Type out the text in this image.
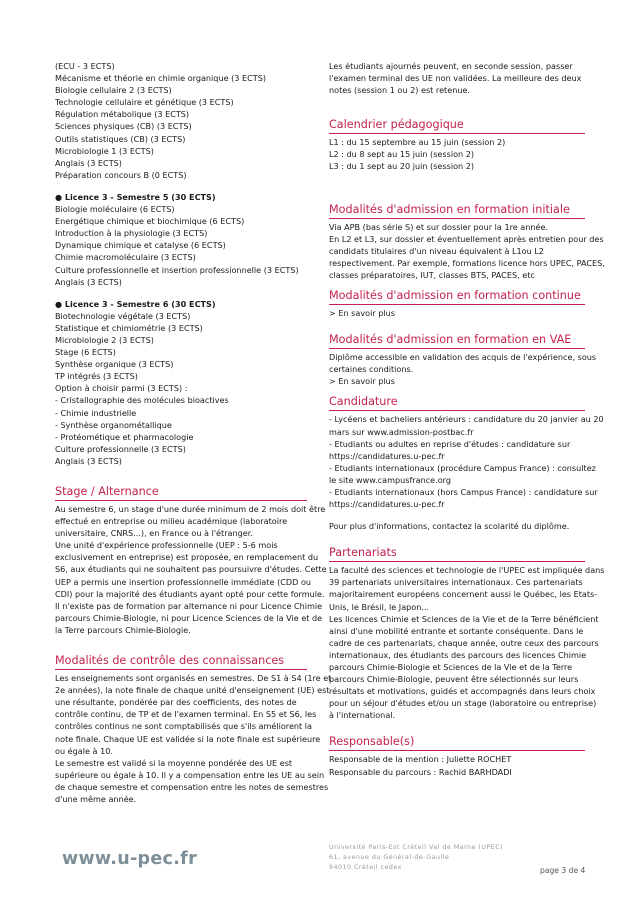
(ECU - 3 ECTS)
Mécanisme et théorie en chimie organique (3 ECTS)
Biologie cellulaire 2 (3 ECTS)
Technologie cellulaire et génétique (3 ECTS)
Régulation métabolique (3 ECTS)
Sciences physiques (CB) (3 ECTS)
Outils statistiques (CB) (3 ECTS)
Microbiologie 1 (3 ECTS)
Anglais (3 ECTS)
Préparation concours B (0 ECTS)
● Licence 3 - Semestre 5 (30 ECTS)
Biologie moléculaire (6 ECTS)
Energétique chimique et biochimique (6 ECTS)
Introduction à la physiologie (3 ECTS)
Dynamique chimique et catalyse (6 ECTS)
Chimie macromoléculaire (3 ECTS)
Culture professionnelle et insertion professionnelle (3 ECTS)
Anglais (3 ECTS)
● Licence 3 - Semestre 6 (30 ECTS)
Biotechnologie végétale (3 ECTS)
Statistique et chimiométrie (3 ECTS)
Microbiologie 2 (3 ECTS)
Stage (6 ECTS)
Synthèse organique (3 ECTS)
TP intégrés (3 ECTS)
Option à choisir parmi (3 ECTS) :
- Cristallographie des molécules bioactives
- Chimie industrielle
- Synthèse organométallique
- Protéométique et pharmacologie
Culture professionnelle (3 ECTS)
Anglais (3 ECTS)
Stage / Alternance
Au semestre 6, un stage d'une durée minimum de 2 mois doit être
effectué en entreprise ou milieu académique (laboratoire
universitaire, CNRS...), en France ou à l'étranger.
Une unité d'expérience professionnelle (UEP : 5-6 mois
exclusivement en entreprise) est proposée, en remplacement du
S6, aux étudiants qui ne souhaitent pas poursuivre d'études. Cette
UEP a permis une insertion professionnelle immédiate (CDD ou
CDI) pour la majorité des étudiants ayant opté pour cette formule.
Il n'existe pas de formation par alternance ni pour Licence Chimie
parcours Chimie-Biologie, ni pour Licence Sciences de la Vie et de
la Terre parcours Chimie-Biologie.
Modalités de contrôle des connaissances
Les enseignements sont organisés en semestres. De S1 à S4 (1re et
2e années), la note finale de chaque unité d'enseignement (UE) est
une résultante, pondérée par des coefficients, des notes de
contrôle continu, de TP et de l'examen terminal. En S5 et S6, les
contrôles continus ne sont comptabilisés que s'ils améliorent la
note finale. Chaque UE est validée si la note finale est supérieure
ou égale à 10.
Le semestre est validé si la moyenne pondérée des UE est
supérieure ou égale à 10. Il y a compensation entre les UE au sein
de chaque semestre et compensation entre les notes de semestres
d'une même année.
Les étudiants ajournés peuvent, en seconde session, passer
l'examen terminal des UE non validées. La meilleure des deux
notes (session 1 ou 2) est retenue.
Calendrier pédagogique
L1 : du 15 septembre au 15 juin (session 2)
L2 : du 8 sept au 15 juin (session 2)
L3 : du 1 sept au 20 juin (session 2)
Modalités d'admission en formation initiale
Via APB (bas série S) et sur dossier pour la 1re année.
En L2 et L3, sur dossier et éventuellement après entretien pour des
candidats titulaires d'un niveau équivalent à L1ou L2
respectivement. Par exemple, formations licence hors UPEC, PACES,
classes préparatoires, IUT, classes BTS, PACES, etc
Modalités d'admission en formation continue
> En savoir plus
Modalités d'admission en formation en VAE
Diplôme accessible en validation des acquis de l'expérience, sous
certaines conditions.
> En savoir plus
Candidature
- Lycéens et bacheliers antérieurs : candidature du 20 janvier au 20
mars sur www.admission-postbac.fr
- Etudiants ou adultes en reprise d'études : candidature sur
https://candidatures.u-pec.fr
- Etudiants internationaux (procédure Campus France) : consultez
le site www.campusfrance.org
- Etudiants internationaux (hors Campus France) : candidature sur
https://candidatures.u-pec.fr
Pour plus d'informations, contactez la scolarité du diplôme.
Partenariats
La faculté des sciences et technologie de l'UPEC est impliquée dans
39 partenariats universitaires internationaux. Ces partenariats
majoritairement européens concernent aussi le Québec, les Etats-
Unis, le Brésil, le Japon...
Les licences Chimie et Sciences de la Vie et de la Terre bénéficient
ainsi d'une mobilité entrante et sortante conséquente. Dans le
cadre de ces partenariats, chaque année, outre ceux des parcours
internationaux, des étudiants des parcours des licences Chimie
parcours Chimie-Biologie et Sciences de la Vie et de la Terre
parcours Chimie-Biologie, peuvent être sélectionnés sur leurs
résultats et motivations, guidés et accompagnés dans leurs choix
pour un séjour d'études et/ou un stage (laboratoire ou entreprise)
à l'international.
Responsable(s)
Responsable de la mention : Juliette ROCHET
Responsable du parcours : Rachid BARHDADI
www.u-pec.fr
Université Paris-Est Créteil Val de Marne (UPEC)
61, avenue du Général-de-Gaulle
94010 Créteil cedex	page 3 de 4
